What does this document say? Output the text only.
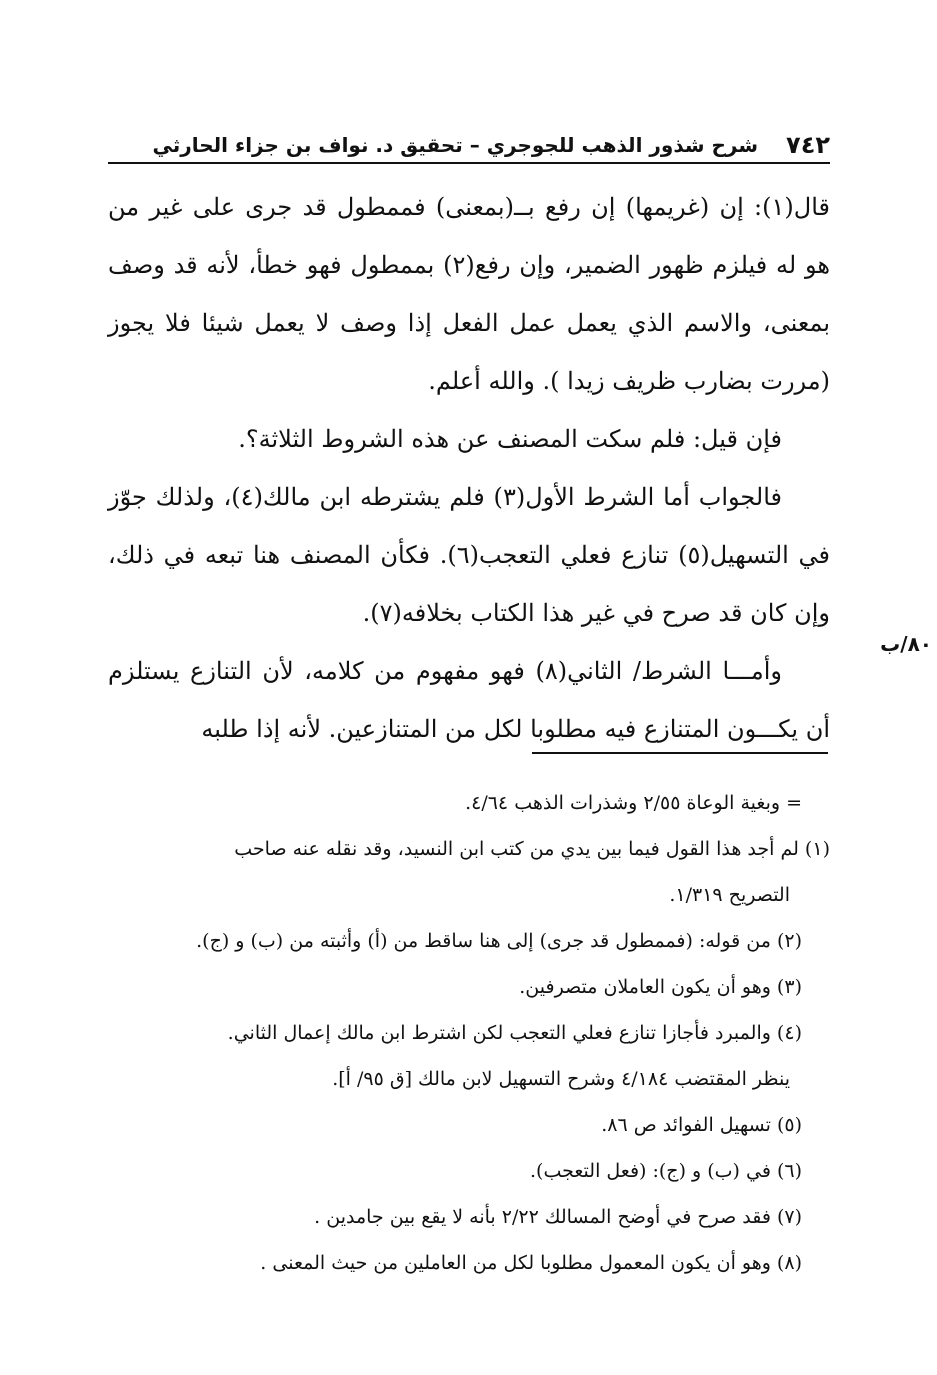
٧٤٢
شرح شذور الذهب للجوجري – تحقيق د. نواف بن جزاء الحارثي
٨٠/ب

قال(١): إن (غريمها) إن رفع بــ(بمعنى) فممطول قد جرى على غير من هو له فيلزم ظهور الضمير، وإن رفع(٢) بممطول فهو خطأ، لأنه قد وصف بمعنى، والاسم الذي يعمل عمل الفعل إذا وصف لا يعمل شيئا فلا يجوز (مررت بضارب ظريف زيدا ). والله أعلم.

فإن قيل: فلم سكت المصنف عن هذه الشروط الثلاثة؟.

فالجواب أما الشرط الأول(٣) فلم يشترطه ابن مالك(٤)، ولذلك جوّز في التسهيل(٥) تنازع فعلي التعجب(٦). فكأن المصنف هنا تبعه في ذلك، وإن كان قد صرح في غير هذا الكتاب بخلافه(٧).

وأمـــا الشرط/ الثاني(٨) فهو مفهوم من كلامه، لأن التنازع يستلزم أن يكـــون المتنازع فيه مطلوبا لكل من المتنازعين. لأنه إذا طلبه

= وبغية الوعاة ٢/٥٥ وشذرات الذهب ٤/٦٤.

(١) لم أجد هذا القول فيما بين يدي من كتب ابن النسيد، وقد نقله عنه صاحب

التصريح ١/٣١٩.

(٢) من قوله: (فممطول قد جرى) إلى هنا ساقط من (أ) وأثبته من (ب) و (ج).

(٣) وهو أن يكون العاملان متصرفين.

(٤) والمبرد فأجازا تنازع فعلي التعجب لكن اشترط ابن مالك إعمال الثاني.

ينظر المقتضب ٤/١٨٤ وشرح التسهيل لابن مالك [ق ٩٥/ أ].

(٥) تسهيل الفوائد ص ٨٦.

(٦) في (ب) و (ج): (فعل التعجب).

(٧) فقد صرح في أوضح المسالك ٢/٢٢ بأنه لا يقع بين جامدين .

(٨) وهو أن يكون المعمول مطلوبا لكل من العاملين من حيث المعنى .
